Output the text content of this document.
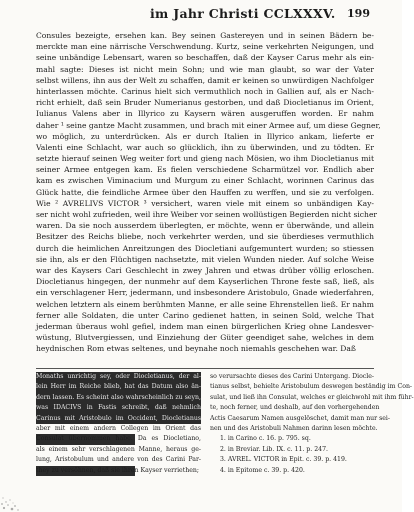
im Jahr Christi CCLXXXV. 199
Consules bezeigte, ersehen kan. Bey seinen Gastereyen und in seinen Bädern be-
merckte man eine närrische Verschwendung. Kurtz, seine verkehrten Neigungen, und
seine unbändige Lebensart, waren so beschaffen, daß der Kayser Carus mehr als ein-
mahl sagte: Dieses ist nicht mein Sohn; und wie man glaubt, so war der Vater
selbst willens, ihn aus der Welt zu schaffen, damit er keinen so unwürdigen Nachfolger
hinterlassen möchte. Carinus hielt sich vermuthlich noch in Gallien auf, als er Nach-
richt erhielt, daß sein Bruder Numerianus gestorben, und daß Diocletianus im Orient,
Iulianus Valens aber in Illyrico zu Kaysern wären ausgeruffen worden. Er nahm
daher ¹ seine gantze Macht zusammen, und brach mit einer Armee auf, um diese Gegner,
wo möglich, zu unterdrücken. Als er durch Italien in Illyrico ankam, lieferte er
Valenti eine Schlacht, war auch so glücklich, ihn zu überwinden, und zu tödten. Er
setzte hierauf seinen Weg weiter fort und gieng nach Mösien, wo ihm Diocletianus mit
seiner Armee entgegen kam. Es fielen verschiedene Scharmützel vor. Endlich aber
kam es zwischen Viminacium und Murgum zu einer Schlacht, worinnen Carinus das
Glück hatte, die feindliche Armee über den Hauffen zu werffen, und sie zu verfolgen.
Wie ² AVRELIVS VICTOR ³ versichert, waren viele mit einem so unbändigen Kay-
ser nicht wohl zufrieden, weil ihre Weiber vor seinen wollüstigen Begierden nicht sicher
waren. Da sie noch ausserdem überlegten, er möchte, wenn er überwände, und allein
Besitzer des Reichs bliebe, noch verkehrter werden, und sie überdieses vermuthlich
durch die heimlichen Anreitzungen des Diocletiani aufgemuntert wurden; so stiessen
sie ihn, als er den Flüchtigen nachsetzte, mit vielen Wunden nieder. Auf solche Weise
war des Kaysers Cari Geschlecht in zwey Jahren und etwas drüber völlig erloschen.
Diocletianus hingegen, der nunmehr auf dem Kayserlichen Throne feste saß, ließ, als
ein verschlagener Herr, jedermann, und insbesondere Aristobulo, Gnade wiederfahren,
welchen letztern als einem berühmten Manne, er alle seine Ehrenstellen ließ. Er nahm
ferner alle Soldaten, die unter Carino gedienet hatten, in seinen Sold, welche That
jederman überaus wohl gefiel, indem man einen bürgerlichen Krieg ohne Landesver-
wüstung, Blutvergiessen, und Einziehung der Güter geendiget sahe, welches in dem
heydnischen Rom etwas seltenes, und beynahe noch niemahls geschehen war. Daß
Monaths unrichtig sey, oder Diocletianus, der al-
lein Herr im Reiche blieb, hat das Datum also än-
dern lassen. Es scheint also wahrscheinlich zu seyn,
was IDACIVS in Fastis schreibt, daß nehmlich
Carinus mit Aristobulo im Occident, Diocletianus
aber mit einem andern Collegen im Orient das
Consulat übernommen habe. Da es Diocletiano,
als einem sehr verschlagenen Manne, heraus ge-
lung, Aristobulum und andere von des Carini Par-
they zu versöhnen, daß sie ihren Kayser verriethen;
so verursachte dieses des Carini Untergang. Diocle-
tianus selbst, behielte Aristobulum deswegen beständig im Con-
sulat, und ließ ihn Consulat, welches er gleichwohl mit ihm führ-
te, noch ferner, und deshalb, auf den vorhergehenden
Actis Caesarum Namen ausgelöschet, damit man nur sei-
nen und des Aristobuli Nahmen darinn lesen möchte.
1. in Carino c. 16. p. 795. sq.
2. in Breviar. Lib. IX. c. 11. p. 247.
3. AVREL. VICTOR in Epit. c. 39. p. 419.
4. in Epitome c. 39. p. 420.
